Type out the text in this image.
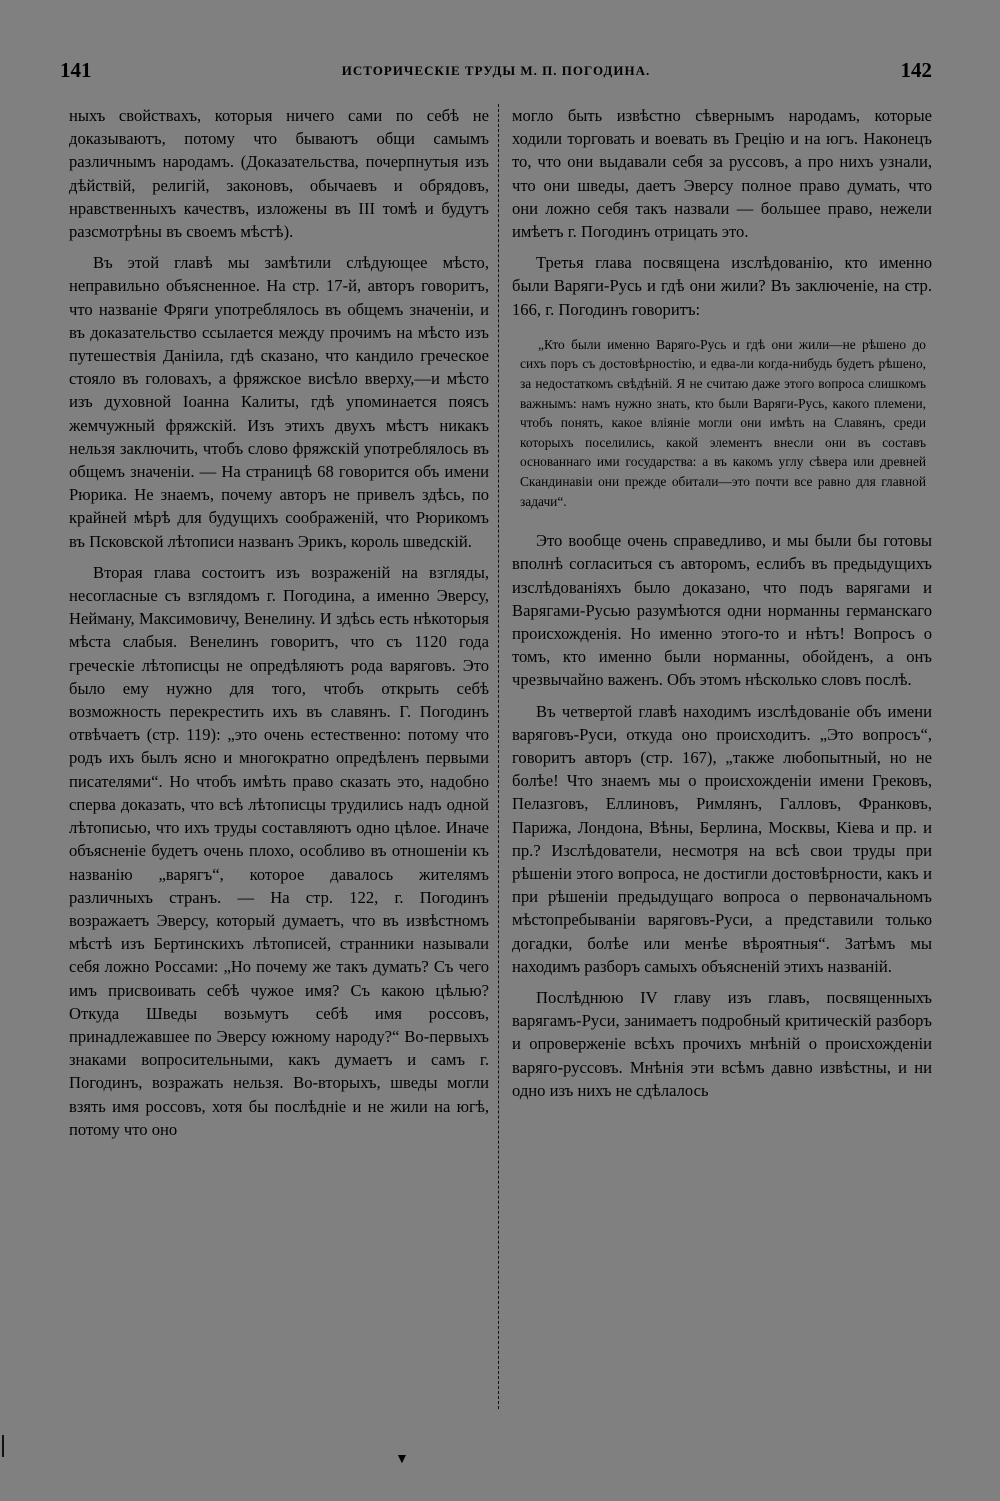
141	ИСТОРИЧЕСКІЕ ТРУДЫ М. П. ПОГОДИНА.	142

ныхъ свойствахъ, которыя ничего сами по себѣ не доказываютъ, потому что бываютъ общи самымъ различнымъ народамъ. (Доказательства, почерпнутыя изъ дѣйствій, религій, законовъ, обычаевъ и обрядовъ, нравственныхъ качествъ, изложены въ III томѣ и будутъ разсмотрѣны въ своемъ мѣстѣ).

Въ этой главѣ мы замѣтили слѣдующее мѣсто, неправильно объясненное. На стр. 17-й, авторъ говоритъ, что названіе Фряги употреблялось въ общемъ значеніи, и въ доказательство ссылается между прочимъ на мѣсто изъ путешествія Даніила, гдѣ сказано, что кандило греческое стояло въ головахъ, а фряжское висѣло вверху,—и мѣсто изъ духовной Іоанна Калиты, гдѣ упоминается поясъ жемчужный фряжскій. Изъ этихъ двухъ мѣстъ никакъ нельзя заключить, чтобъ слово фряжскій употреблялось въ общемъ значеніи. — На страницѣ 68 говорится объ имени Рюрика. Не знаемъ, почему авторъ не привелъ здѣсь, по крайней мѣрѣ для будущихъ соображеній, что Рюрикомъ въ Псковской лѣтописи названъ Эрикъ, король шведскій.

Вторая глава состоитъ изъ возраженій на взгляды, несогласные съ взглядомъ г. Погодина, а именно Эверсу, Нейману, Максимовичу, Венелину. И здѣсь есть нѣкоторыя мѣста слабыя. Венелинъ говоритъ, что съ 1120 года греческіе лѣтописцы не опредѣляютъ рода варяговъ. Это было ему нужно для того, чтобъ открыть себѣ возможность перекрестить ихъ въ славянъ. Г. Погодинъ отвѣчаетъ (стр. 119): „это очень естественно: потому что родъ ихъ былъ ясно и многократно опредѣленъ первыми писателями“. Но чтобъ имѣть право сказать это, надобно сперва доказать, что всѣ лѣтописцы трудились надъ одной лѣтописью, что ихъ труды составляютъ одно цѣлое. Иначе объясненіе будетъ очень плохо, особливо въ отношеніи къ названію „варягъ“, которое давалось жителямъ различныхъ странъ. — На стр. 122, г. Погодинъ возражаетъ Эверсу, который думаетъ, что въ извѣстномъ мѣстѣ изъ Бертинскихъ лѣтописей, странники называли себя ложно Россами: „Но почему же такъ думать? Съ чего имъ присвоивать себѣ чужое имя? Съ какою цѣлью? Откуда Шведы возьмутъ себѣ имя россовъ, принадлежавшее по Эверсу южному народу?“ Во-первыхъ знаками вопросительными, какъ думаетъ и самъ г. Погодинъ, возражать нельзя. Во-вторыхъ, шведы могли взять имя россовъ, хотя бы послѣдніе и не жили на югѣ, потому что оно

могло быть извѣстно сѣвернымъ народамъ, которые ходили торговать и воевать въ Грецію и на югъ. Наконецъ то, что они выдавали себя за руссовъ, а про нихъ узнали, что они шведы, даетъ Эверсу полное право думать, что они ложно себя такъ назвали — большее право, нежели имѣетъ г. Погодинъ отрицать это.

Третья глава посвящена изслѣдованію, кто именно были Варяги-Русь и гдѣ они жили? Въ заключеніе, на стр. 166, г. Погодинъ говоритъ:

„Кто были именно Варяго-Русь и гдѣ они жили—не рѣшено до сихъ поръ съ достовѣрностію, и едва-ли когда-нибудь будетъ рѣшено, за недостаткомъ свѣдѣній. Я не считаю даже этого вопроса слишкомъ важнымъ: намъ нужно знать, кто были Варяги-Русь, какого племени, чтобъ понять, какое вліяніе могли они имѣть на Славянъ, среди которыхъ поселились, какой элементъ внесли они въ составъ основаннаго ими государства: а въ какомъ углу сѣвера или древней Скандинавіи они прежде обитали—это почти все равно для главной задачи“.

Это вообще очень справедливо, и мы были бы готовы вполнѣ согласиться съ авторомъ, еслибъ въ предыдущихъ изслѣдованіяхъ было доказано, что подъ варягами и Варягами-Русью разумѣются одни норманны германскаго происхожденія. Но именно этого-то и нѣтъ! Вопросъ о томъ, кто именно были норманны, обойденъ, а онъ чрезвычайно важенъ. Объ этомъ нѣсколько словъ послѣ.

Въ четвертой главѣ находимъ изслѣдованіе объ имени варяговъ-Руси, откуда оно происходитъ. „Это вопросъ“, говоритъ авторъ (стр. 167), „также любопытный, но не болѣе! Что знаемъ мы о происхожденіи имени Грековъ, Пелазговъ, Еллиновъ, Римлянъ, Галловъ, Франковъ, Парижа, Лондона, Вѣны, Берлина, Москвы, Кіева и пр. и пр.? Изслѣдователи, несмотря на всѣ свои труды при рѣшеніи этого вопроса, не достигли достовѣрности, какъ и при рѣшеніи предыдущаго вопроса о первоначальномъ мѣстопребываніи варяговъ-Руси, а представили только догадки, болѣе или менѣе вѣроятныя“. Затѣмъ мы находимъ разборъ самыхъ объясненій этихъ названій.

Послѣднюю IV главу изъ главъ, посвященныхъ варягамъ-Руси, занимаетъ подробный критическій разборъ и опроверженіе всѣхъ прочихъ мнѣній о происхожденіи варяго-руссовъ. Мнѣнія эти всѣмъ давно извѣстны, и ни одно изъ нихъ не сдѣлалось

▼
